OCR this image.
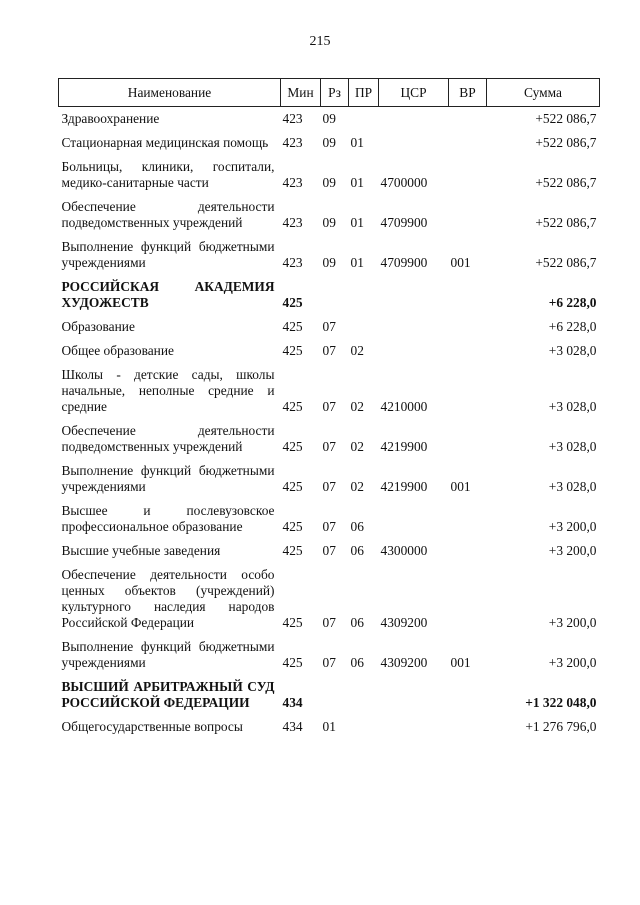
215
Наименование	Мин	Рз	ПР	ЦСР	ВР	Сумма
Здравоохранение	423	09				+522 086,7
Стационарная медицинская помощь	423	09	01			+522 086,7
Больницы, клиники, госпитали, медико-санитарные части	423	09	01	4700000		+522 086,7
Обеспечение деятельности подведомственных учреждений	423	09	01	4709900		+522 086,7
Выполнение функций бюджетными учреждениями	423	09	01	4709900	001	+522 086,7
РОССИЙСКАЯ АКАДЕМИЯ ХУДОЖЕСТВ	425					+6 228,0
Образование	425	07				+6 228,0
Общее образование	425	07	02			+3 028,0
Школы - детские сады, школы начальные, неполные средние и средние	425	07	02	4210000		+3 028,0
Обеспечение деятельности подведомственных учреждений	425	07	02	4219900		+3 028,0
Выполнение функций бюджетными учреждениями	425	07	02	4219900	001	+3 028,0
Высшее и послевузовское профессиональное образование	425	07	06			+3 200,0
Высшие учебные заведения	425	07	06	4300000		+3 200,0
Обеспечение деятельности особо ценных объектов (учреждений) культурного наследия народов Российской Федерации	425	07	06	4309200		+3 200,0
Выполнение функций бюджетными учреждениями	425	07	06	4309200	001	+3 200,0
ВЫСШИЙ АРБИТРАЖНЫЙ СУД РОССИЙСКОЙ ФЕДЕРАЦИИ	434					+1 322 048,0
Общегосударственные вопросы	434	01				+1 276 796,0
